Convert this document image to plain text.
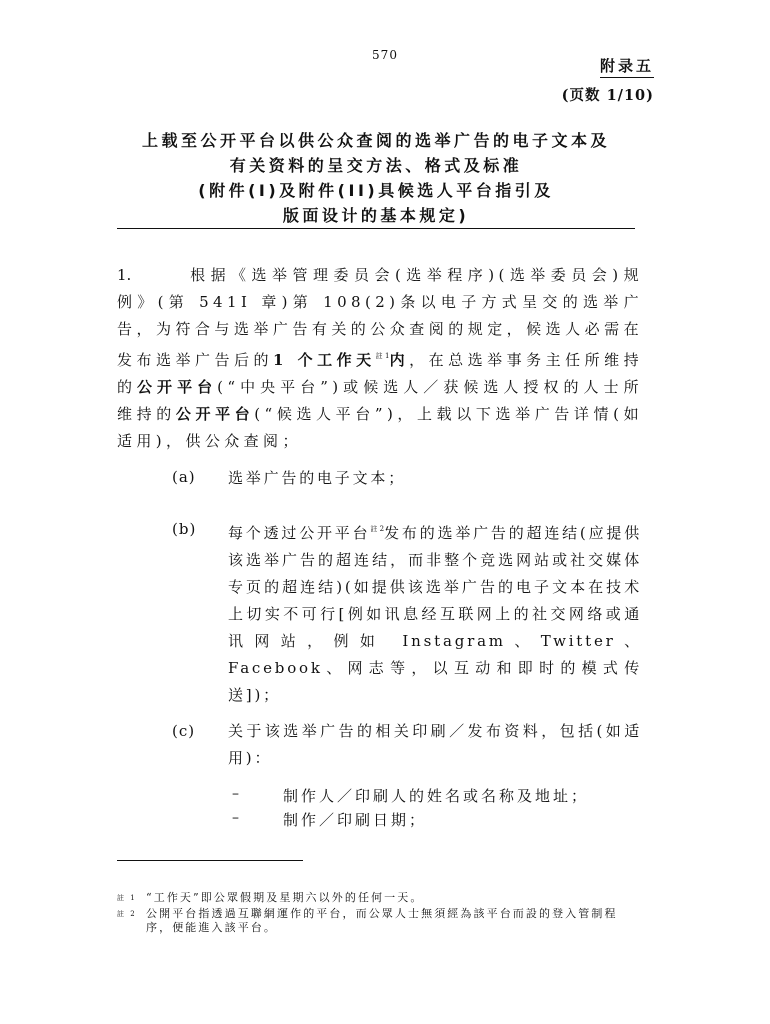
570
附录五
(页数 1/10)
上载至公开平台以供公众查阅的选举广告的电子文本及
有关资料的呈交方法、格式及标准
(附件(I)及附件(II)具候选人平台指引及
版面设计的基本规定)
1.	根据《选举管理委员会(选举程序)(选举委员会)规例》(第 541I 章)第 108(2)条以电子方式呈交的选举广告，为符合与选举广告有关的公众查阅的规定，候选人必需在发布选举广告后的1 个工作天$^{註 1}$内，在总选举事务主任所维持的公开平台(“中央平台”)或候选人／获候选人授权的人士所维持的公开平台(“候选人平台”)，上载以下选举广告详情(如适用)，供公众查阅；
(a) 选举广告的电子文本；
(b) 每个透过公开平台$^{註 2}$发布的选举广告的超连结(应提供该选举广告的超连结，而非整个竞选网站或社交媒体专页的超连结)(如提供该选举广告的电子文本在技术上切实不可行[例如讯息经互联网上的社交网络或通讯网站，例如 Instagram、Twitter、Facebook、网志等，以互动和即时的模式传送])；
(c) 关于该选举广告的相关印刷／发布资料，包括(如适用)：
–	制作人／印刷人的姓名或名称及地址；
–	制作／印刷日期；
註 1 “工作天”即公眾假期及星期六以外的任何一天。
註 2 公開平台指透過互聯網運作的平台，而公眾人士無須經為該平台而設的登入管制程序，便能進入該平台。
